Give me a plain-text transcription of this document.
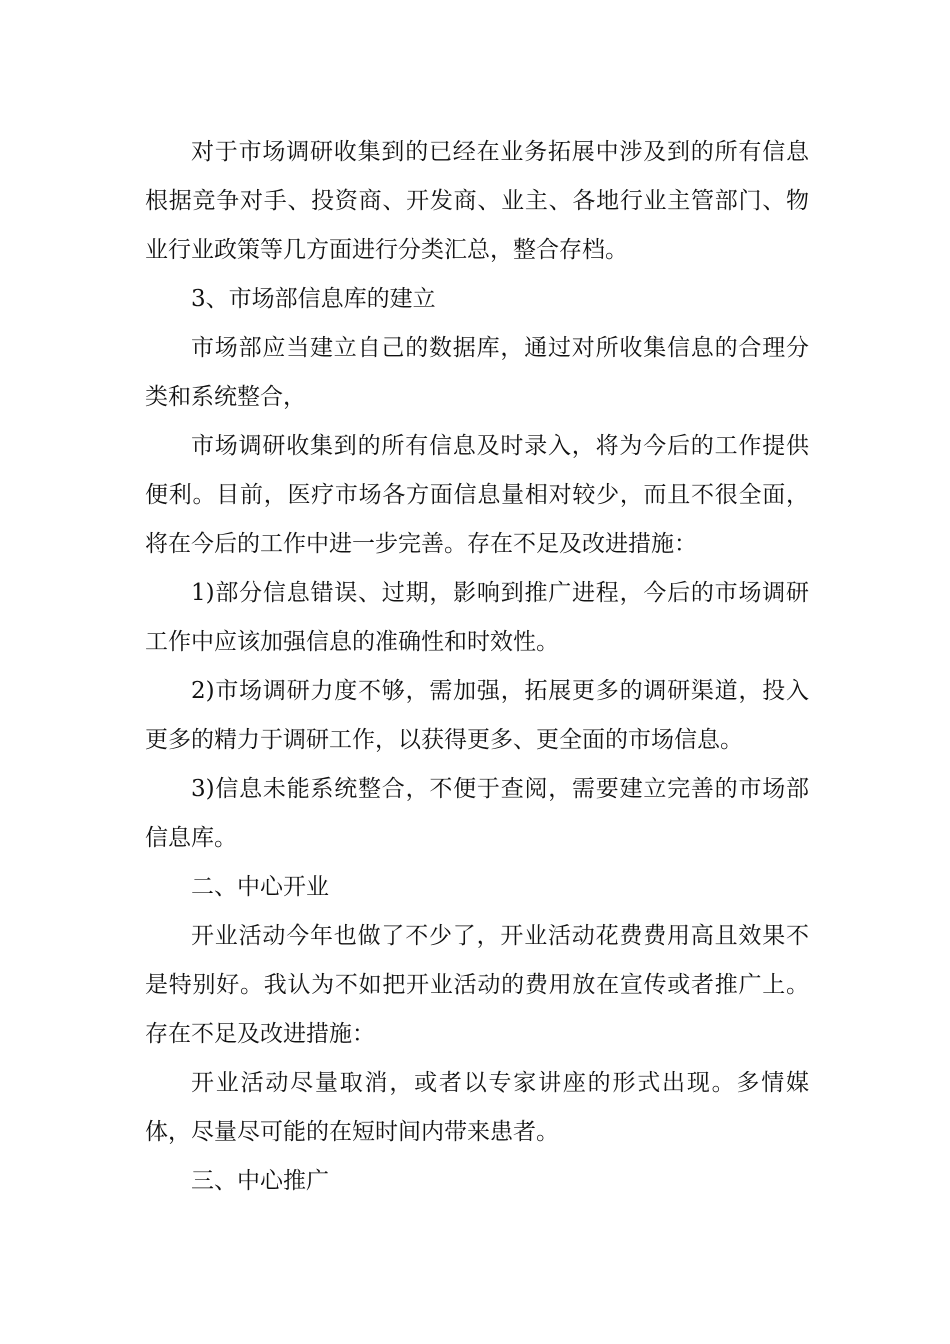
对于市场调研收集到的已经在业务拓展中涉及到的所有信息根据竞争对手、投资商、开发商、业主、各地行业主管部门、物业行业政策等几方面进行分类汇总，整合存档。

3、市场部信息库的建立

市场部应当建立自己的数据库，通过对所收集信息的合理分类和系统整合，

市场调研收集到的所有信息及时录入，将为今后的工作提供便利。目前，医疗市场各方面信息量相对较少，而且不很全面，将在今后的工作中进一步完善。存在不足及改进措施：

1)部分信息错误、过期，影响到推广进程，今后的市场调研工作中应该加强信息的准确性和时效性。

2)市场调研力度不够，需加强，拓展更多的调研渠道，投入更多的精力于调研工作，以获得更多、更全面的市场信息。

3)信息未能系统整合，不便于查阅，需要建立完善的市场部信息库。

二、中心开业

开业活动今年也做了不少了，开业活动花费费用高且效果不是特别好。我认为不如把开业活动的费用放在宣传或者推广上。存在不足及改进措施：

开业活动尽量取消，或者以专家讲座的形式出现。多情媒体，尽量尽可能的在短时间内带来患者。

三、中心推广
